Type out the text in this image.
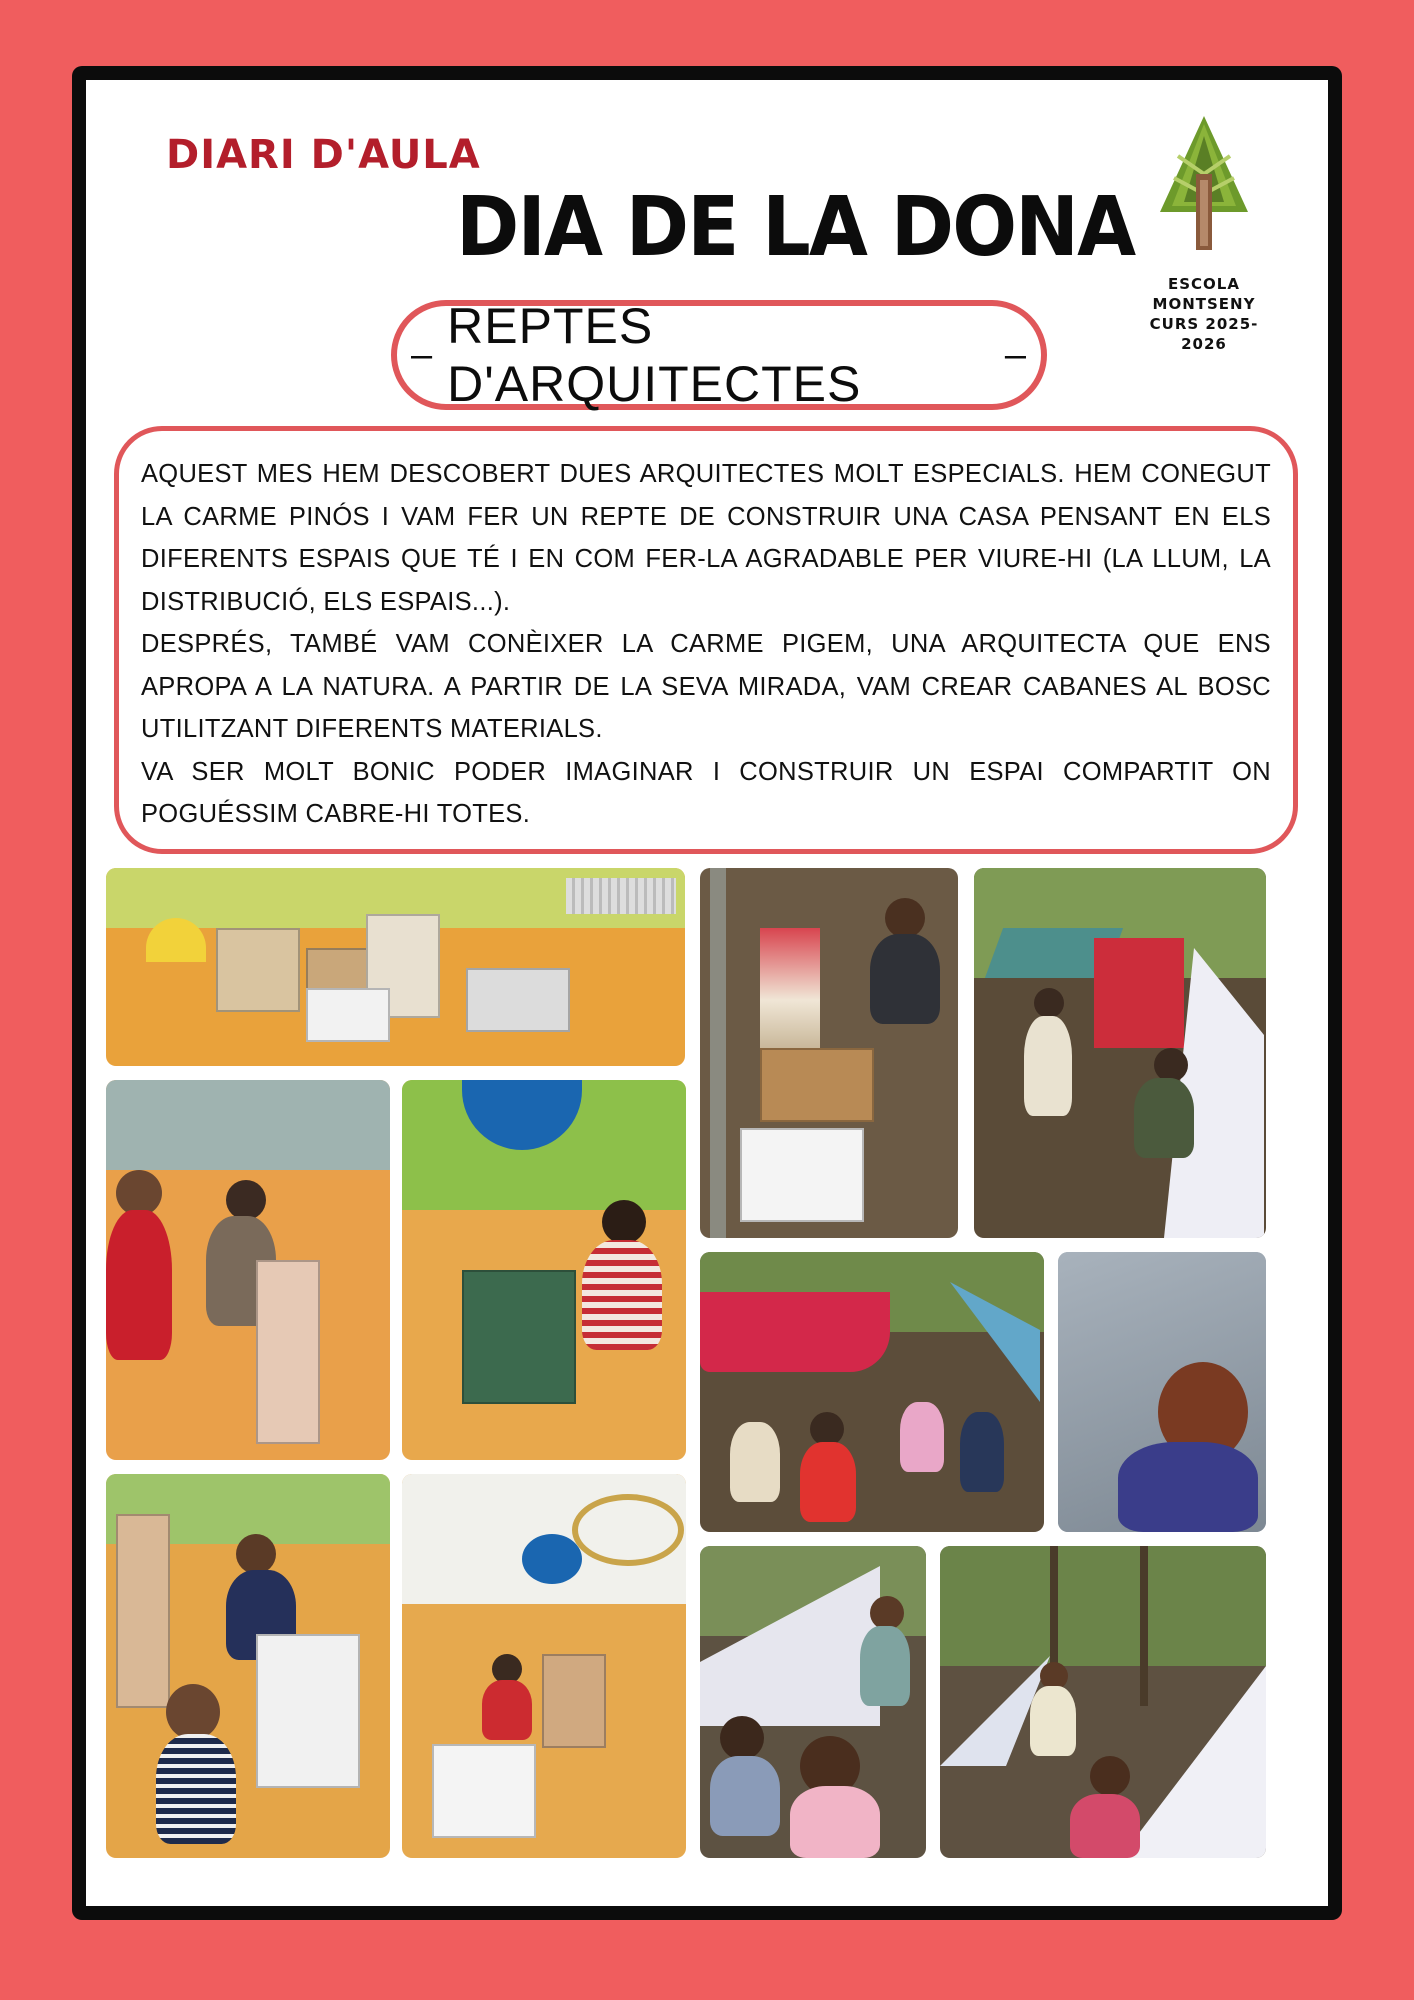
DIARI D'AULA
DIA DE LA DONA
ESCOLA MONTSENY
CURS 2025-2026
–
REPTES D'ARQUITECTES
–

AQUEST MES HEM DESCOBERT DUES ARQUITECTES MOLT ESPECIALS. HEM CONEGUT LA CARME PINÓS I VAM FER UN REPTE DE CONSTRUIR UNA CASA PENSANT EN ELS DIFERENTS ESPAIS QUE TÉ I EN COM FER-LA AGRADABLE PER VIURE-HI (LA LLUM, LA DISTRIBUCIÓ, ELS ESPAIS...).

DESPRÉS, TAMBÉ VAM CONÈIXER LA CARME PIGEM, UNA ARQUITECTA QUE ENS APROPA A LA NATURA. A PARTIR DE LA SEVA MIRADA, VAM CREAR CABANES AL BOSC UTILITZANT DIFERENTS MATERIALS.

VA SER MOLT BONIC PODER IMAGINAR I CONSTRUIR UN ESPAI COMPARTIT ON POGUÉSSIM CABRE-HI TOTES.
